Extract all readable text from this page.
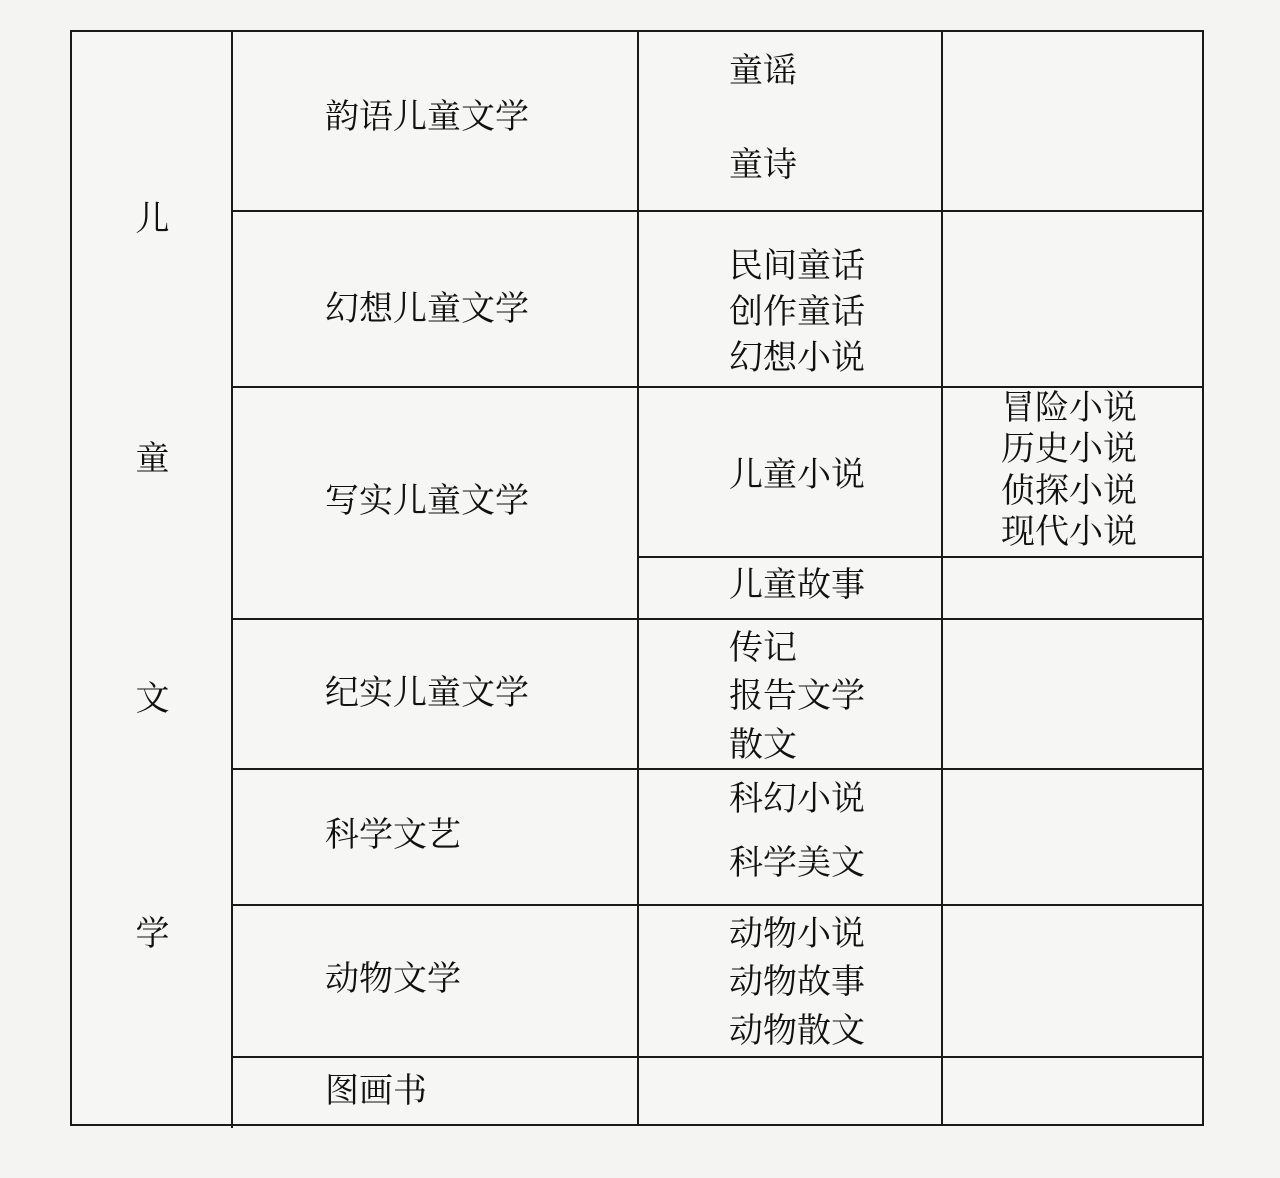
儿
童
文
学
韵语儿童文学
童谣
童诗
幻想儿童文学
民间童话
创作童话
幻想小说
写实儿童文学
儿童小说
冒险小说
历史小说
侦探小说
现代小说
儿童故事
纪实儿童文学
传记
报告文学
散文
科学文艺
科幻小说
科学美文
动物文学
动物小说
动物故事
动物散文
图画书
